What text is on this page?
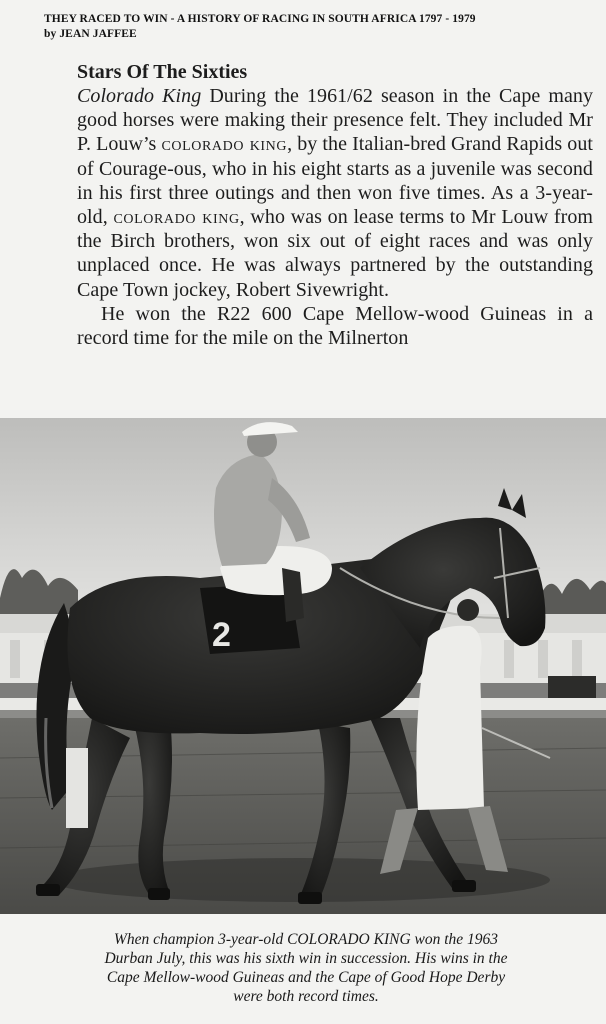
THEY RACED TO WIN - A HISTORY OF RACING IN SOUTH AFRICA 1797 - 1979
by JEAN JAFFEE
Stars Of The Sixties

Colorado King During the 1961/62 season in the Cape many good horses were making their presence felt. They included Mr P. Louw’s colorado king, by the Italian-bred Grand Rapids out of Courage-ous, who in his eight starts as a juvenile was second in his first three outings and then won five times. As a 3-year-old, colorado king, who was on lease terms to Mr Louw from the Birch brothers, won six out of eight races and was only unplaced once. He was always partnered by the outstanding Cape Town jockey, Robert Sivewright.

He won the R22 600 Cape Mellow-wood Guineas in a record time for the mile on the Milnerton

2
When champion 3-year-old COLORADO KING won the 1963 Durban July, this was his sixth win in succession. His wins in the Cape Mellow-wood Guineas and the Cape of Good Hope Derby were both record times.
